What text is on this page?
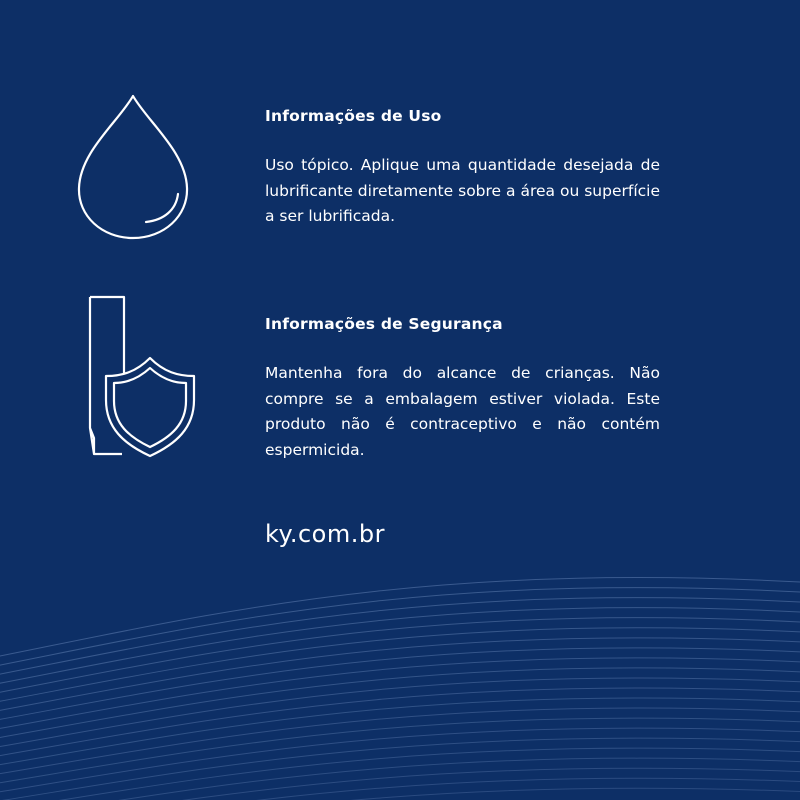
Informações de Uso

Uso tópico. Aplique uma quantidade desejada de lubrificante diretamente sobre a área ou superfície a ser lubrificada.

Informações de Segurança

Mantenha fora do alcance de crianças. Não compre se a embalagem estiver violada. Este produto não é contraceptivo e não contém espermicida.

ky.com.br
